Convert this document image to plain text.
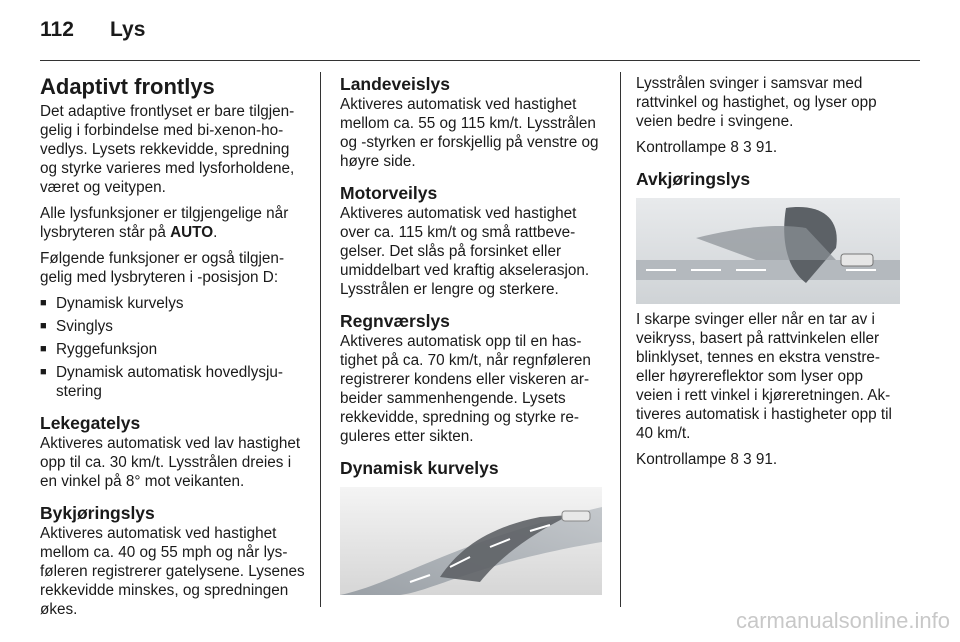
112 Lys
Adaptivt frontlys

Det adaptive frontlyset er bare tilgjengelig i forbindelse med bi-xenon-hovedlys. Lysets rekkevidde, spredning og styrke varieres med lysforholdene, været og veitypen.

Alle lysfunksjoner er tilgjengelige når lysbryteren står på AUTO.

Følgende funksjoner er også tilgjengelig med lysbryteren i -posisjon D:

■ Dynamisk kurvelys
■ Svinglys
■ Ryggefunksjon
■ Dynamisk automatisk hovedlysjustering
Lekegatelys

Aktiveres automatisk ved lav hastighet opp til ca. 30 km/t. Lysstrålen dreies i en vinkel på 8° mot veikanten.

Bykjøringslys

Aktiveres automatisk ved hastighet mellom ca. 40 og 55 mph og når lysføleren registrerer gatelysene. Lysenes rekkevidde minskes, og spredningen økes.

Landeveislys

Aktiveres automatisk ved hastighet mellom ca. 55 og 115 km/t. Lysstrålen og -styrken er forskjellig på venstre og høyre side.

Motorveilys

Aktiveres automatisk ved hastighet over ca. 115 km/t og små rattbevegelser. Det slås på forsinket eller umiddelbart ved kraftig akselerasjon. Lysstrålen er lengre og sterkere.

Regnværslys

Aktiveres automatisk opp til en hastighet på ca. 70 km/t, når regnføleren registrerer kondens eller viskeren arbeider sammenhengende. Lysets rekkevidde, spredning og styrke reguleres etter sikten.

Dynamisk kurvelys

Lysstrålen svinger i samsvar med rattvinkel og hastighet, og lyser opp veien bedre i svingene.

Kontrollampe 8 3 91.

Avkjøringslys

I skarpe svinger eller når en tar av i veikryss, basert på rattvinkelen eller blinklyset, tennes en ekstra venstre- eller høyrereflektor som lyser opp veien i rett vinkel i kjøreretningen. Aktiveres automatisk i hastigheter opp til 40 km/t.

Kontrollampe 8 3 91.

carmanualsonline.info
